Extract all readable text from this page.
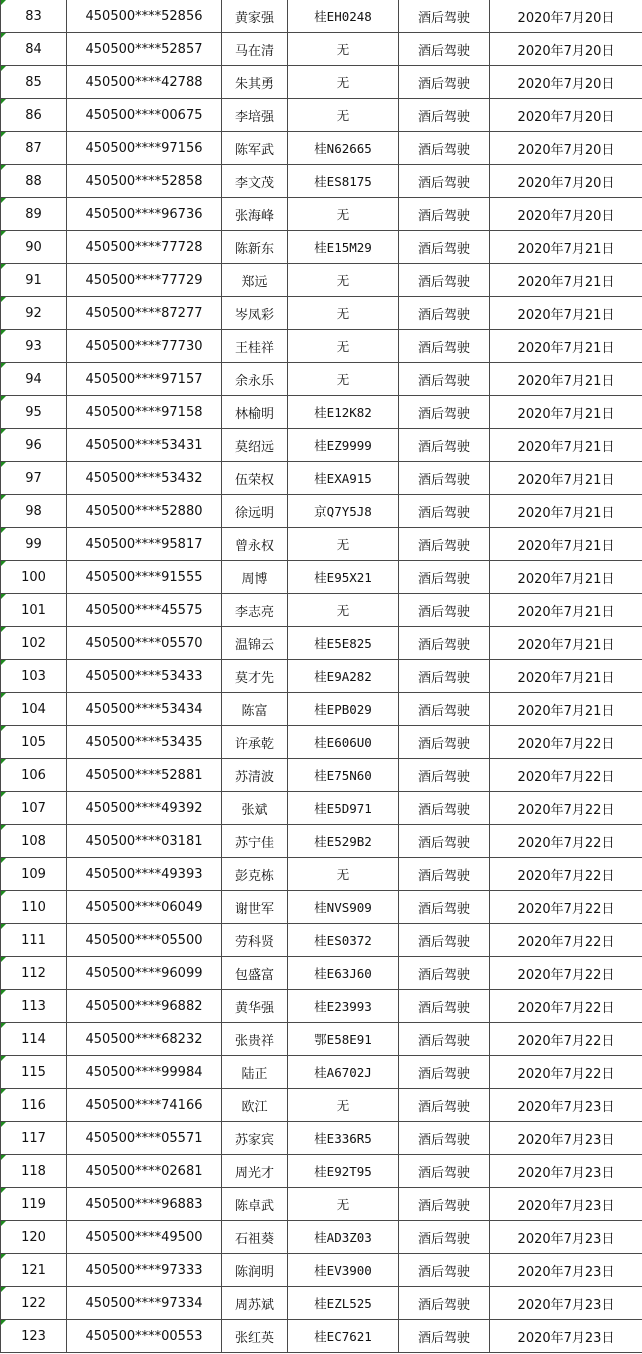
83	450500****52856	黄家强	桂EH0248	酒后驾驶	2020年7月20日
84	450500****52857	马在清	无	酒后驾驶	2020年7月20日
85	450500****42788	朱其勇	无	酒后驾驶	2020年7月20日
86	450500****00675	李培强	无	酒后驾驶	2020年7月20日
87	450500****97156	陈军武	桂N62665	酒后驾驶	2020年7月20日
88	450500****52858	李文茂	桂ES8175	酒后驾驶	2020年7月20日
89	450500****96736	张海峰	无	酒后驾驶	2020年7月20日
90	450500****77728	陈新东	桂E15M29	酒后驾驶	2020年7月21日
91	450500****77729	郑远	无	酒后驾驶	2020年7月21日
92	450500****87277	岑凤彩	无	酒后驾驶	2020年7月21日
93	450500****77730	王桂祥	无	酒后驾驶	2020年7月21日
94	450500****97157	余永乐	无	酒后驾驶	2020年7月21日
95	450500****97158	林榆明	桂E12K82	酒后驾驶	2020年7月21日
96	450500****53431	莫绍远	桂EZ9999	酒后驾驶	2020年7月21日
97	450500****53432	伍荣权	桂EXA915	酒后驾驶	2020年7月21日
98	450500****52880	徐远明	京Q7Y5J8	酒后驾驶	2020年7月21日
99	450500****95817	曾永权	无	酒后驾驶	2020年7月21日
100	450500****91555	周博	桂E95X21	酒后驾驶	2020年7月21日
101	450500****45575	李志亮	无	酒后驾驶	2020年7月21日
102	450500****05570	温锦云	桂E5E825	酒后驾驶	2020年7月21日
103	450500****53433	莫才先	桂E9A282	酒后驾驶	2020年7月21日
104	450500****53434	陈富	桂EPB029	酒后驾驶	2020年7月21日
105	450500****53435	许承乾	桂E606U0	酒后驾驶	2020年7月22日
106	450500****52881	苏清波	桂E75N60	酒后驾驶	2020年7月22日
107	450500****49392	张斌	桂E5D971	酒后驾驶	2020年7月22日
108	450500****03181	苏宁佳	桂E529B2	酒后驾驶	2020年7月22日
109	450500****49393	彭克栋	无	酒后驾驶	2020年7月22日
110	450500****06049	谢世军	桂NVS909	酒后驾驶	2020年7月22日
111	450500****05500	劳科贤	桂ES0372	酒后驾驶	2020年7月22日
112	450500****96099	包盛富	桂E63J60	酒后驾驶	2020年7月22日
113	450500****96882	黄华强	桂E23993	酒后驾驶	2020年7月22日
114	450500****68232	张贵祥	鄂E58E91	酒后驾驶	2020年7月22日
115	450500****99984	陆正	桂A6702J	酒后驾驶	2020年7月22日
116	450500****74166	欧江	无	酒后驾驶	2020年7月23日
117	450500****05571	苏家宾	桂E336R5	酒后驾驶	2020年7月23日
118	450500****02681	周光才	桂E92T95	酒后驾驶	2020年7月23日
119	450500****96883	陈卓武	无	酒后驾驶	2020年7月23日
120	450500****49500	石祖葵	桂AD3Z03	酒后驾驶	2020年7月23日
121	450500****97333	陈润明	桂EV3900	酒后驾驶	2020年7月23日
122	450500****97334	周苏斌	桂EZL525	酒后驾驶	2020年7月23日
123	450500****00553	张红英	桂EC7621	酒后驾驶	2020年7月23日
